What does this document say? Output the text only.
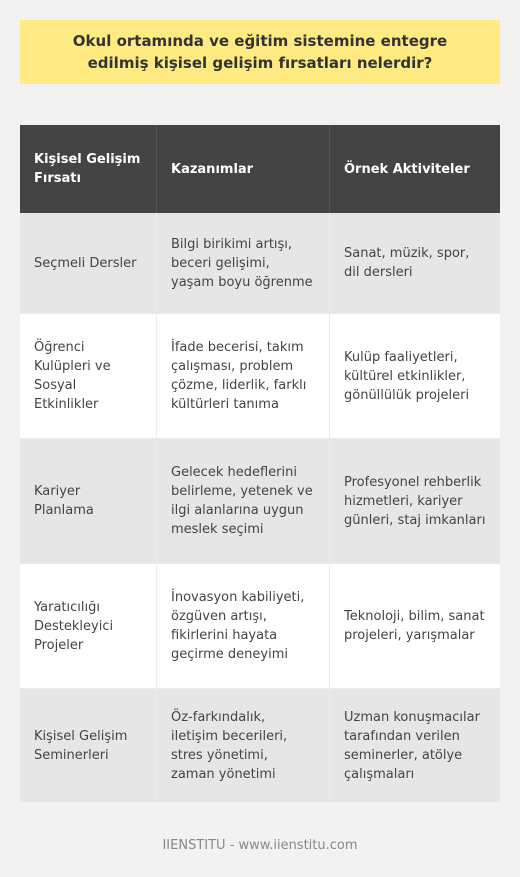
Okul ortamında ve eğitim sistemine entegre edilmiş kişisel gelişim fırsatları nelerdir?
Kişisel Gelişim Fırsatı
Kazanımlar	Örnek Aktiviteler
Seçmeli Dersler
Bilgi birikimi artışı, beceri gelişimi, yaşam boyu öğrenme
Sanat, müzik, spor, dil dersleri
Öğrenci Kulüpleri ve Sosyal Etkinlikler
İfade becerisi, takım çalışması, problem çözme, liderlik, farklı kültürleri tanıma
Kulüp faaliyetleri, kültürel etkinlikler, gönüllülük projeleri
Kariyer Planlama
Gelecek hedeflerini belirleme, yetenek ve ilgi alanlarına uygun meslek seçimi
Profesyonel rehberlik hizmetleri, kariyer günleri, staj imkanları
Yaratıcılığı Destekleyici Projeler
İnovasyon kabiliyeti, özgüven artışı, fikirlerini hayata geçirme deneyimi
Teknoloji, bilim, sanat projeleri, yarışmalar
Kişisel Gelişim Seminerleri
Öz-farkındalık, iletişim becerileri, stres yönetimi, zaman yönetimi
Uzman konuşmacılar tarafından verilen seminerler, atölye çalışmaları
IIENSTITU - www.iienstitu.com
